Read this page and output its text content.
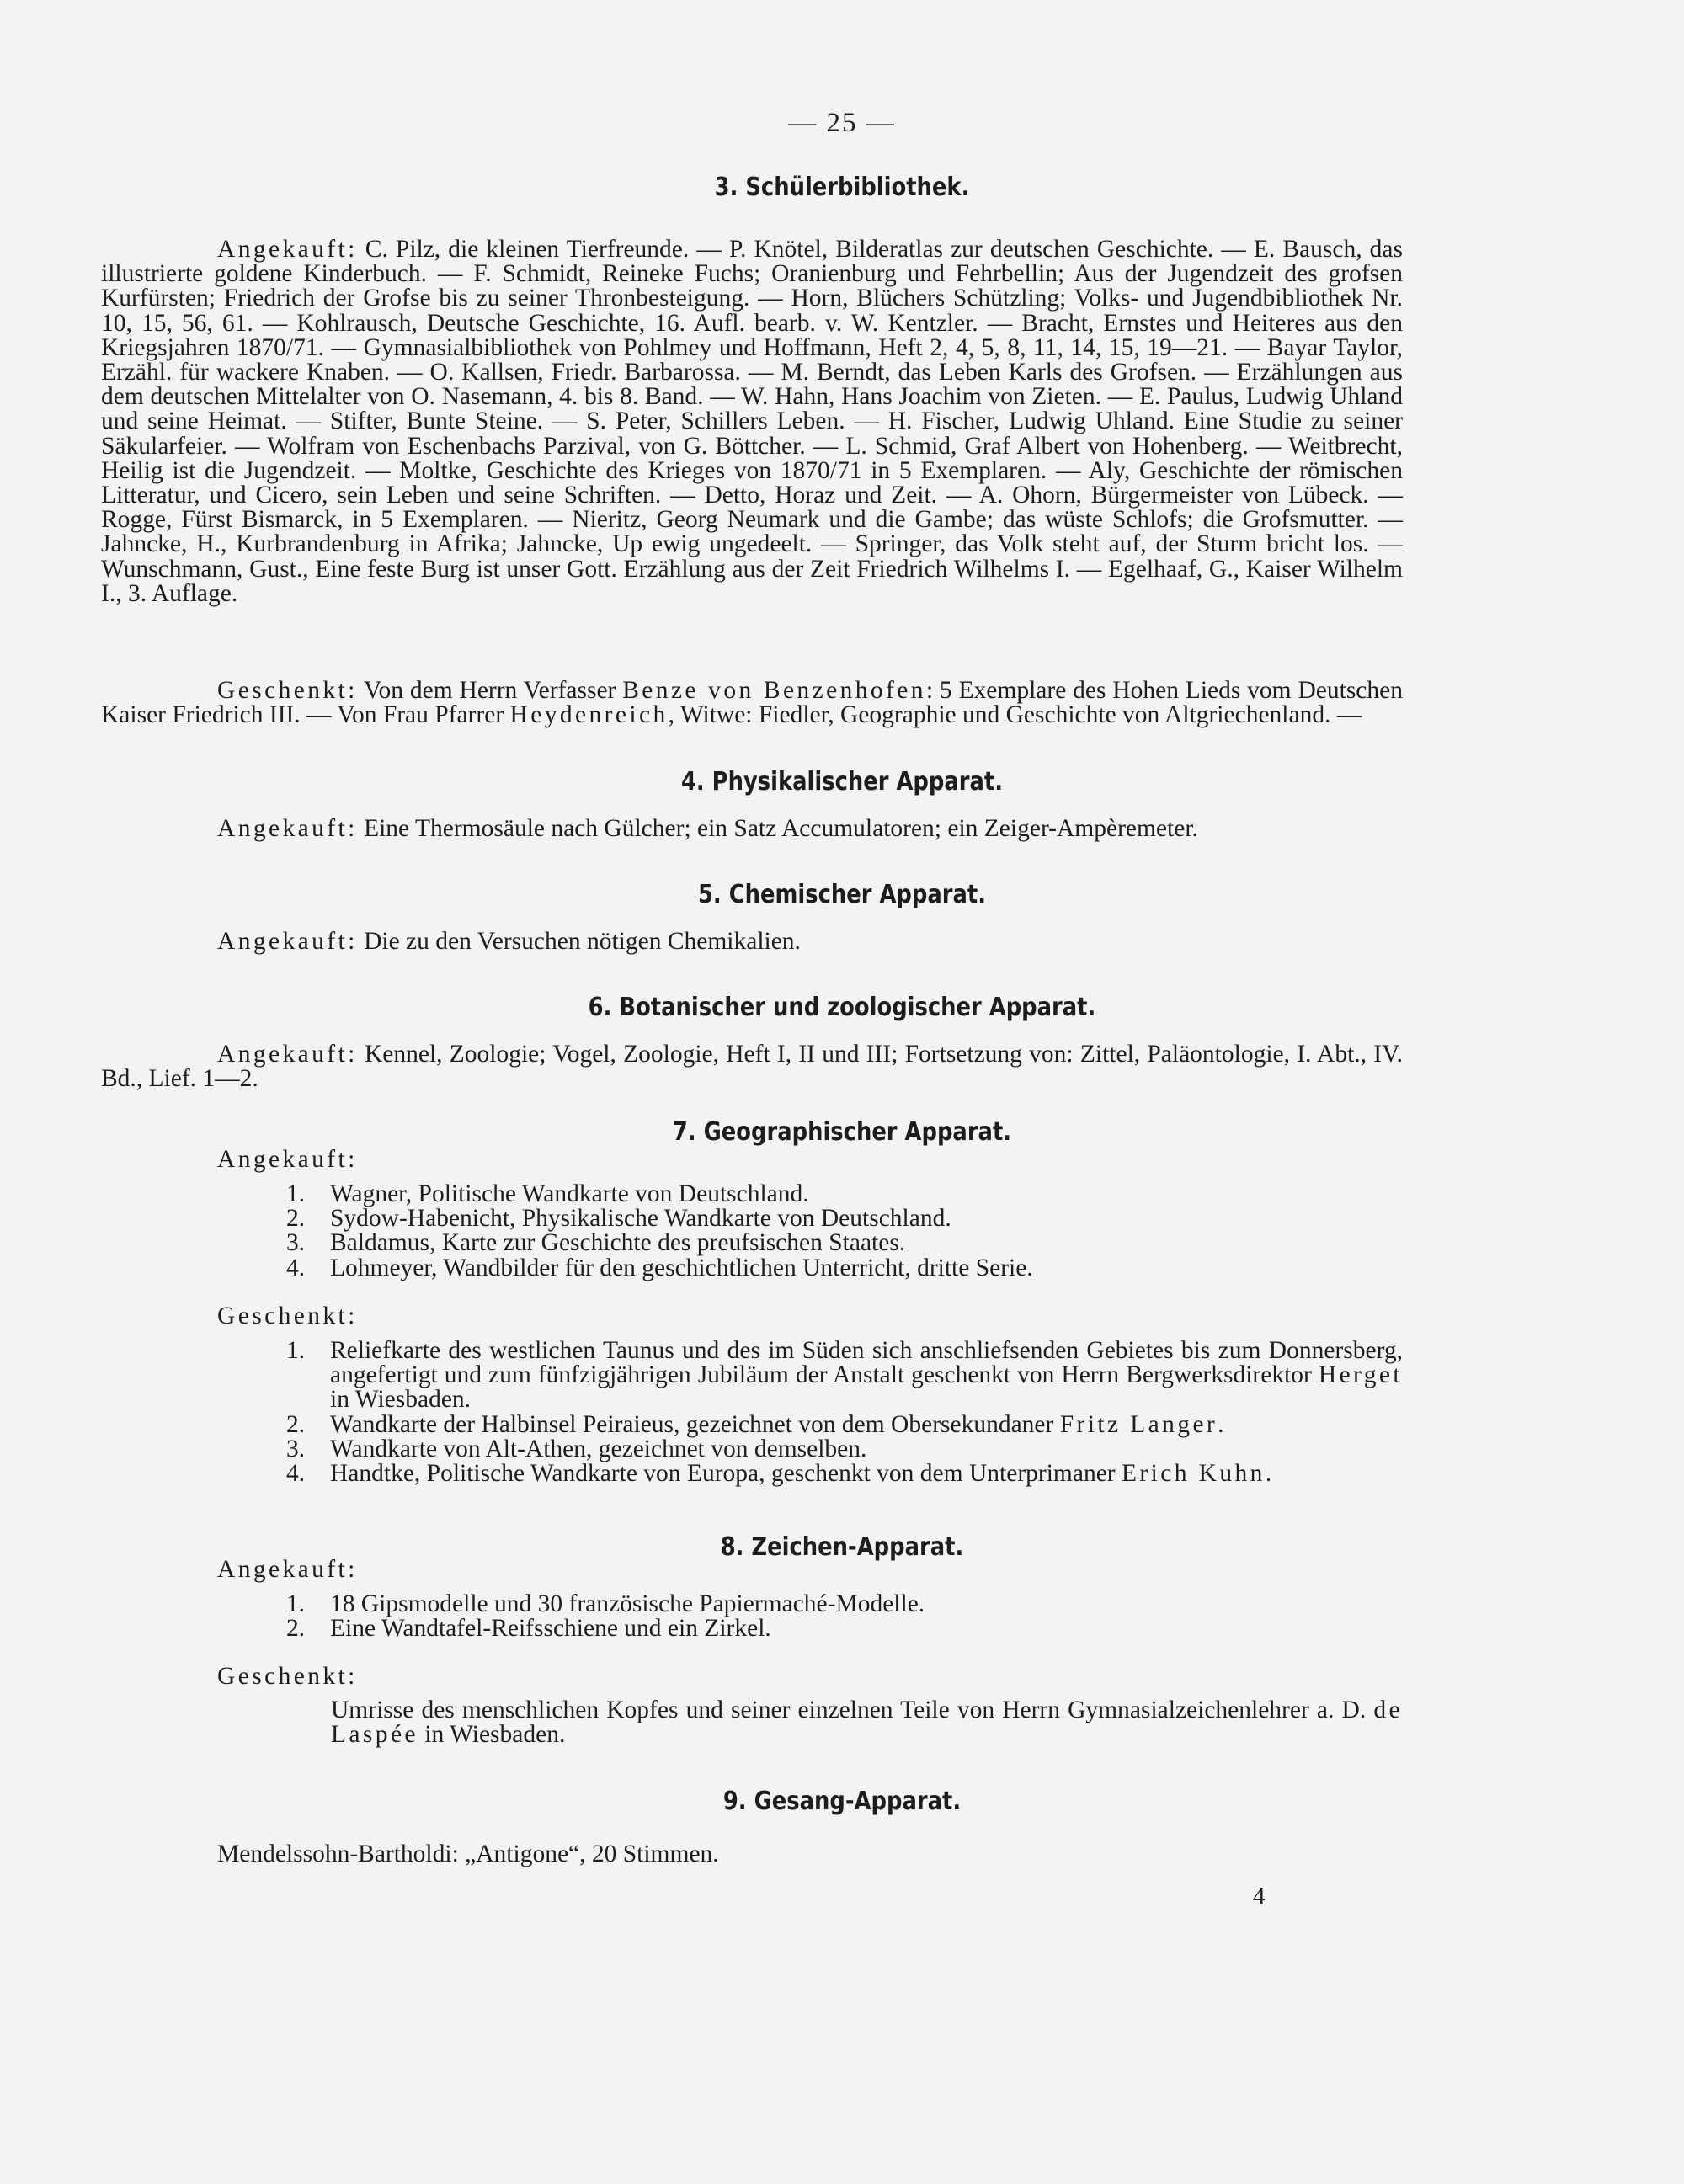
— 25 —
3. Schülerbibliothek.

Angekauft: C. Pilz, die kleinen Tierfreunde. — P. Knötel, Bilderatlas zur deutschen Geschichte. — E. Bausch, das illustrierte goldene Kinderbuch. — F. Schmidt, Reineke Fuchs; Oranienburg und Fehrbellin; Aus der Jugendzeit des grofsen Kurfürsten; Friedrich der Grofse bis zu seiner Thronbesteigung. — Horn, Blüchers Schützling; Volks- und Jugendbibliothek Nr. 10, 15, 56, 61. — Kohlrausch, Deutsche Geschichte, 16. Aufl. bearb. v. W. Kentzler. — Bracht, Ernstes und Heiteres aus den Kriegsjahren 1870/71. — Gymnasialbibliothek von Pohlmey und Hoffmann, Heft 2, 4, 5, 8, 11, 14, 15, 19—21. — Bayar Taylor, Erzähl. für wackere Knaben. — O. Kallsen, Friedr. Barbarossa. — M. Berndt, das Leben Karls des Grofsen. — Erzählungen aus dem deutschen Mittelalter von O. Nasemann, 4. bis 8. Band. — W. Hahn, Hans Joachim von Zieten. — E. Paulus, Ludwig Uhland und seine Heimat. — Stifter, Bunte Steine. — S. Peter, Schillers Leben. — H. Fischer, Ludwig Uhland. Eine Studie zu seiner Säkularfeier. — Wolfram von Eschenbachs Parzival, von G. Böttcher. — L. Schmid, Graf Albert von Hohenberg. — Weitbrecht, Heilig ist die Jugendzeit. — Moltke, Geschichte des Krieges von 1870/71 in 5 Exemplaren. — Aly, Geschichte der römischen Litteratur, und Cicero, sein Leben und seine Schriften. — Detto, Horaz und Zeit. — A. Ohorn, Bürgermeister von Lübeck. — Rogge, Fürst Bismarck, in 5 Exemplaren. — Nieritz, Georg Neumark und die Gambe; das wüste Schlofs; die Grofsmutter. — Jahncke, H., Kurbrandenburg in Afrika; Jahncke, Up ewig ungedeelt. — Springer, das Volk steht auf, der Sturm bricht los. — Wunschmann, Gust., Eine feste Burg ist unser Gott. Erzählung aus der Zeit Friedrich Wilhelms I. — Egelhaaf, G., Kaiser Wilhelm I., 3. Auflage.

Geschenkt: Von dem Herrn Verfasser Benze von Benzenhofen: 5 Exemplare des Hohen Lieds vom Deutschen Kaiser Friedrich III. — Von Frau Pfarrer Heydenreich, Witwe: Fiedler, Geographie und Geschichte von Altgriechenland. —

4. Physikalischer Apparat.

Angekauft: Eine Thermosäule nach Gülcher; ein Satz Accumulatoren; ein Zeiger-Ampèremeter.

5. Chemischer Apparat.

Angekauft: Die zu den Versuchen nötigen Chemikalien.

6. Botanischer und zoologischer Apparat.

Angekauft: Kennel, Zoologie; Vogel, Zoologie, Heft I, II und III; Fortsetzung von: Zittel, Paläontologie, I. Abt., IV. Bd., Lief. 1—2.

7. Geographischer Apparat.
Angekauft:
1. Wagner, Politische Wandkarte von Deutschland.
2. Sydow-Habenicht, Physikalische Wandkarte von Deutschland.
3. Baldamus, Karte zur Geschichte des preufsischen Staates.
4. Lohmeyer, Wandbilder für den geschichtlichen Unterricht, dritte Serie.
Geschenkt:
1. Reliefkarte des westlichen Taunus und des im Süden sich anschliefsenden Gebietes bis zum Donnersberg, angefertigt und zum fünfzigjährigen Jubiläum der Anstalt geschenkt von Herrn Bergwerksdirektor Herget in Wiesbaden.
2. Wandkarte der Halbinsel Peiraieus, gezeichnet von dem Obersekundaner Fritz Langer.
3. Wandkarte von Alt-Athen, gezeichnet von demselben.
4. Handtke, Politische Wandkarte von Europa, geschenkt von dem Unterprimaner Erich Kuhn.
8. Zeichen-Apparat.
Angekauft:
1. 18 Gipsmodelle und 30 französische Papiermaché-Modelle.
2. Eine Wandtafel-Reifsschiene und ein Zirkel.
Geschenkt:

Umrisse des menschlichen Kopfes und seiner einzelnen Teile von Herrn Gymnasialzeichenlehrer a. D. de Laspée in Wiesbaden.

9. Gesang-Apparat.

Mendelssohn-Bartholdi: „Antigone“, 20 Stimmen.

4
